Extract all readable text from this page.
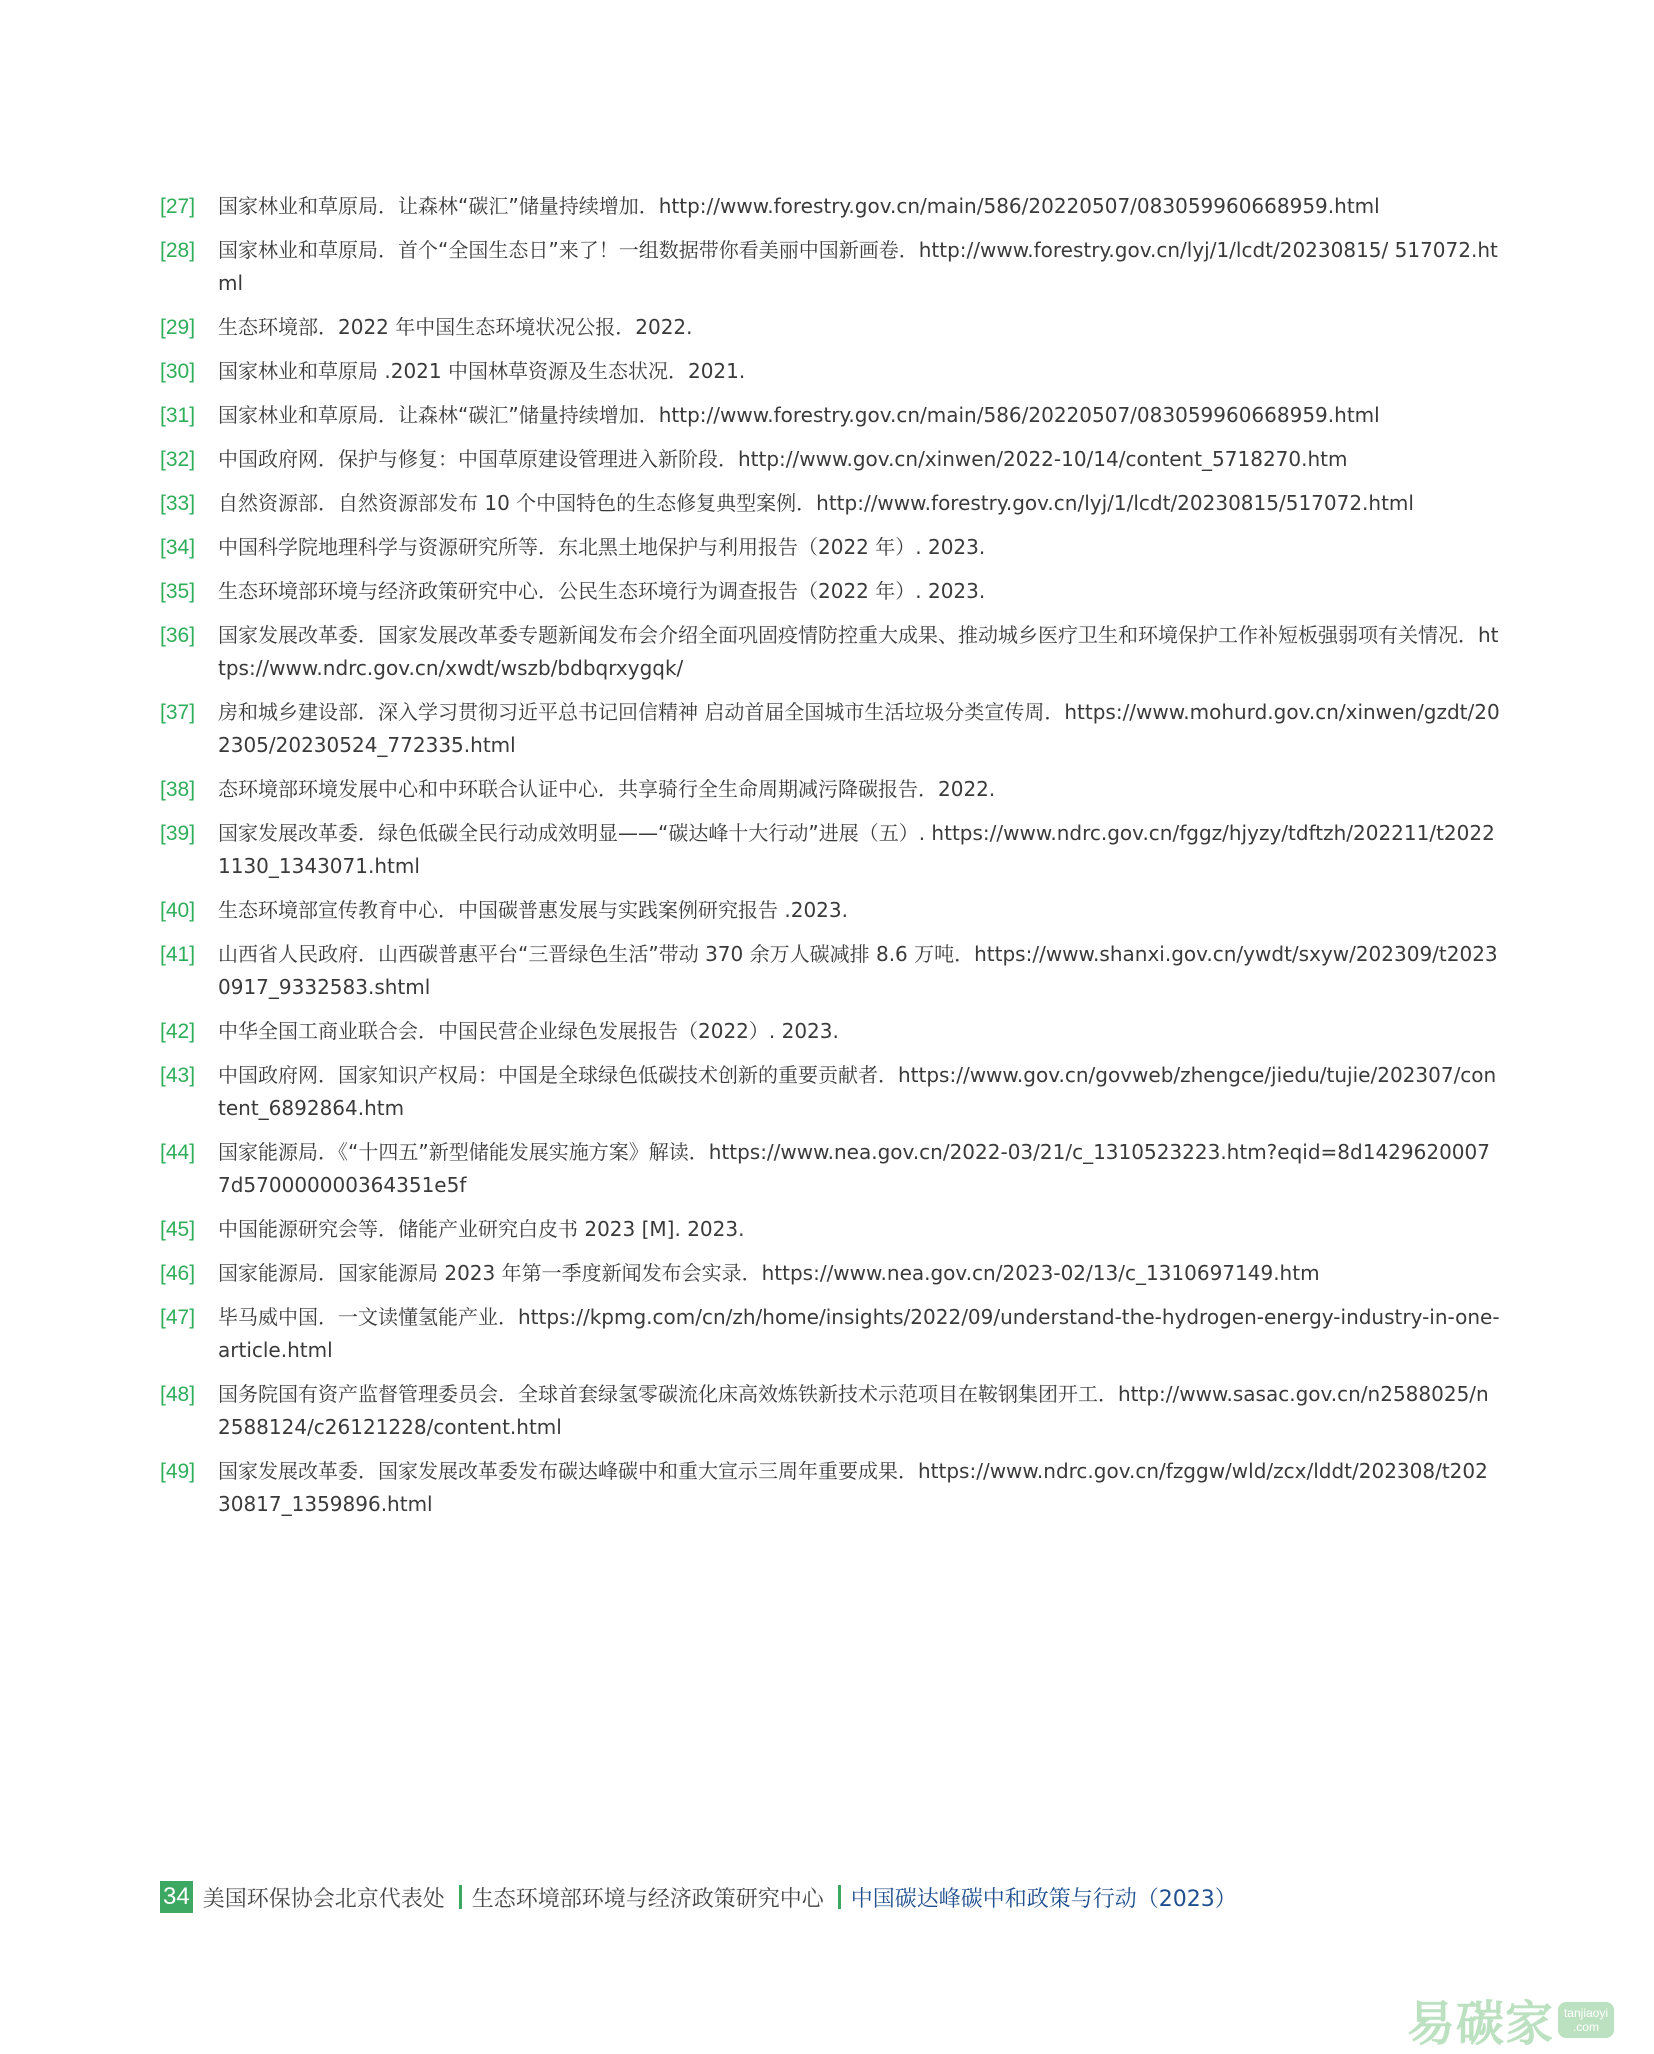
[27]	国家林业和草原局．让森林“碳汇”储量持续增加．http://www.forestry.gov.cn/main/586/20220507/083059960668959.html
[28]	国家林业和草原局．首个“全国生态日”来了！一组数据带你看美丽中国新画卷．http://www.forestry.gov.cn/lyj/1/lcdt/20230815/ 517072.html
[29]	生态环境部．2022 年中国生态环境状况公报．2022.
[30]	国家林业和草原局 .2021 中国林草资源及生态状况．2021.
[31]	国家林业和草原局．让森林“碳汇”储量持续增加．http://www.forestry.gov.cn/main/586/20220507/083059960668959.html
[32]	中国政府网．保护与修复：中国草原建设管理进入新阶段．http://www.gov.cn/xinwen/2022-10/14/content_5718270.htm
[33]	自然资源部．自然资源部发布 10 个中国特色的生态修复典型案例．http://www.forestry.gov.cn/lyj/1/lcdt/20230815/517072.html
[34]	中国科学院地理科学与资源研究所等．东北黑土地保护与利用报告（2022 年）. 2023.
[35]	生态环境部环境与经济政策研究中心．公民生态环境行为调查报告（2022 年）. 2023.
[36]	国家发展改革委．国家发展改革委专题新闻发布会介绍全面巩固疫情防控重大成果、推动城乡医疗卫生和环境保护工作补短板强弱项有关情况．https://www.ndrc.gov.cn/xwdt/wszb/bdbqrxygqk/
[37]	房和城乡建设部．深入学习贯彻习近平总书记回信精神 启动首届全国城市生活垃圾分类宣传周．https://www.mohurd.gov.cn/xinwen/gzdt/202305/20230524_772335.html
[38]	态环境部环境发展中心和中环联合认证中心．共享骑行全生命周期减污降碳报告．2022.
[39]	国家发展改革委．绿色低碳全民行动成效明显——“碳达峰十大行动”进展（五）. https://www.ndrc.gov.cn/fggz/hjyzy/tdftzh/202211/t20221130_1343071.html
[40]	生态环境部宣传教育中心．中国碳普惠发展与实践案例研究报告 .2023.
[41]	山西省人民政府．山西碳普惠平台“三晋绿色生活”带动 370 余万人碳减排 8.6 万吨．https://www.shanxi.gov.cn/ywdt/sxyw/202309/t20230917_9332583.shtml
[42]	中华全国工商业联合会．中国民营企业绿色发展报告（2022）. 2023.
[43]	中国政府网．国家知识产权局：中国是全球绿色低碳技术创新的重要贡献者．https://www.gov.cn/govweb/zhengce/jiedu/tujie/202307/content_6892864.htm
[44]	国家能源局．《“十四五”新型储能发展实施方案》解读．https://www.nea.gov.cn/2022-03/21/c_1310523223.htm?eqid=8d14296200077d570000000364351e5f
[45]	中国能源研究会等．储能产业研究白皮书 2023 [M]. 2023.
[46]	国家能源局．国家能源局 2023 年第一季度新闻发布会实录．https://www.nea.gov.cn/2023-02/13/c_1310697149.htm
[47]	毕马威中国．一文读懂氢能产业．https://kpmg.com/cn/zh/home/insights/2022/09/understand-the-hydrogen-energy-industry-in-one-article.html
[48]	国务院国有资产监督管理委员会．全球首套绿氢零碳流化床高效炼铁新技术示范项目在鞍钢集团开工．http://www.sasac.gov.cn/n2588025/n2588124/c26121228/content.html
[49]	国家发展改革委．国家发展改革委发布碳达峰碳中和重大宣示三周年重要成果．https://www.ndrc.gov.cn/fzggw/wld/zcx/lddt/202308/t20230817_1359896.html
34 美国环保协会北京代表处 生态环境部环境与经济政策研究中心 中国碳达峰碳中和政策与行动（2023）
易碳家 tanjiaoyi
.com
